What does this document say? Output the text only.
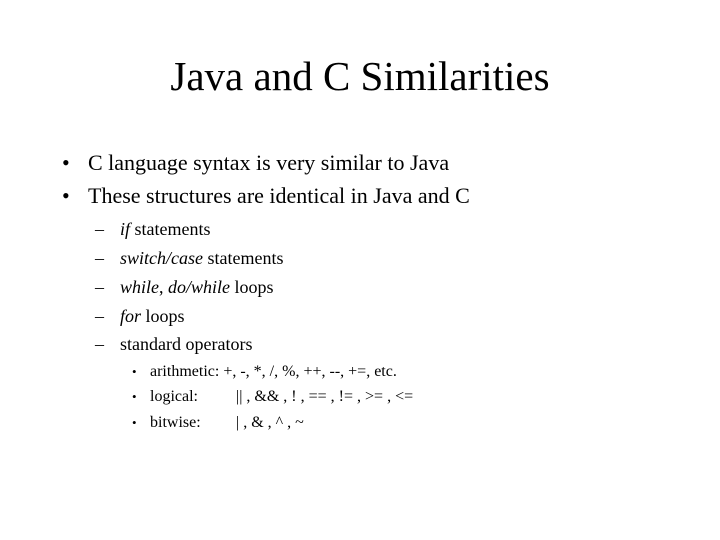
Java and C Similarities
• C language syntax is very similar to Java
• These structures are identical in Java and C
– if statements
– switch/case statements
– while, do/while loops
– for loops
– standard operators
• arithmetic: +, -, *, /, %, ++, --, +=, etc.
• logical: || , && , ! , == , != , >= , <=
• bitwise: | , & , ^ , ~
